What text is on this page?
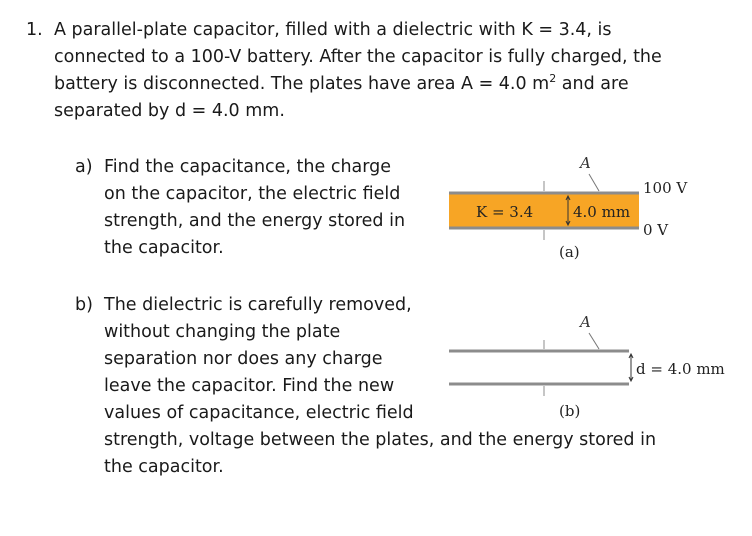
1. A parallel-plate capacitor, filled with a dielectric with K = 3.4, is
connected to a 100-V battery. After the capacitor is fully charged, the
battery is disconnected. The plates have area A = 4.0 $m^2$ and are
separated by d = 4.0 mm.
a) Find the capacitance, the charge
on the capacitor, the electric field
strength, and the energy stored in
the capacitor.
b) The dielectric is carefully removed,
without changing the plate
separation nor does any charge
leave the capacitor. Find the new
values of capacitance, electric field
strength, voltage between the plates, and the energy stored in
the capacitor.
A
K = 3.4	4.0 mm
100 V
0 V
(a)
A
d = 4.0 mm
(b)
